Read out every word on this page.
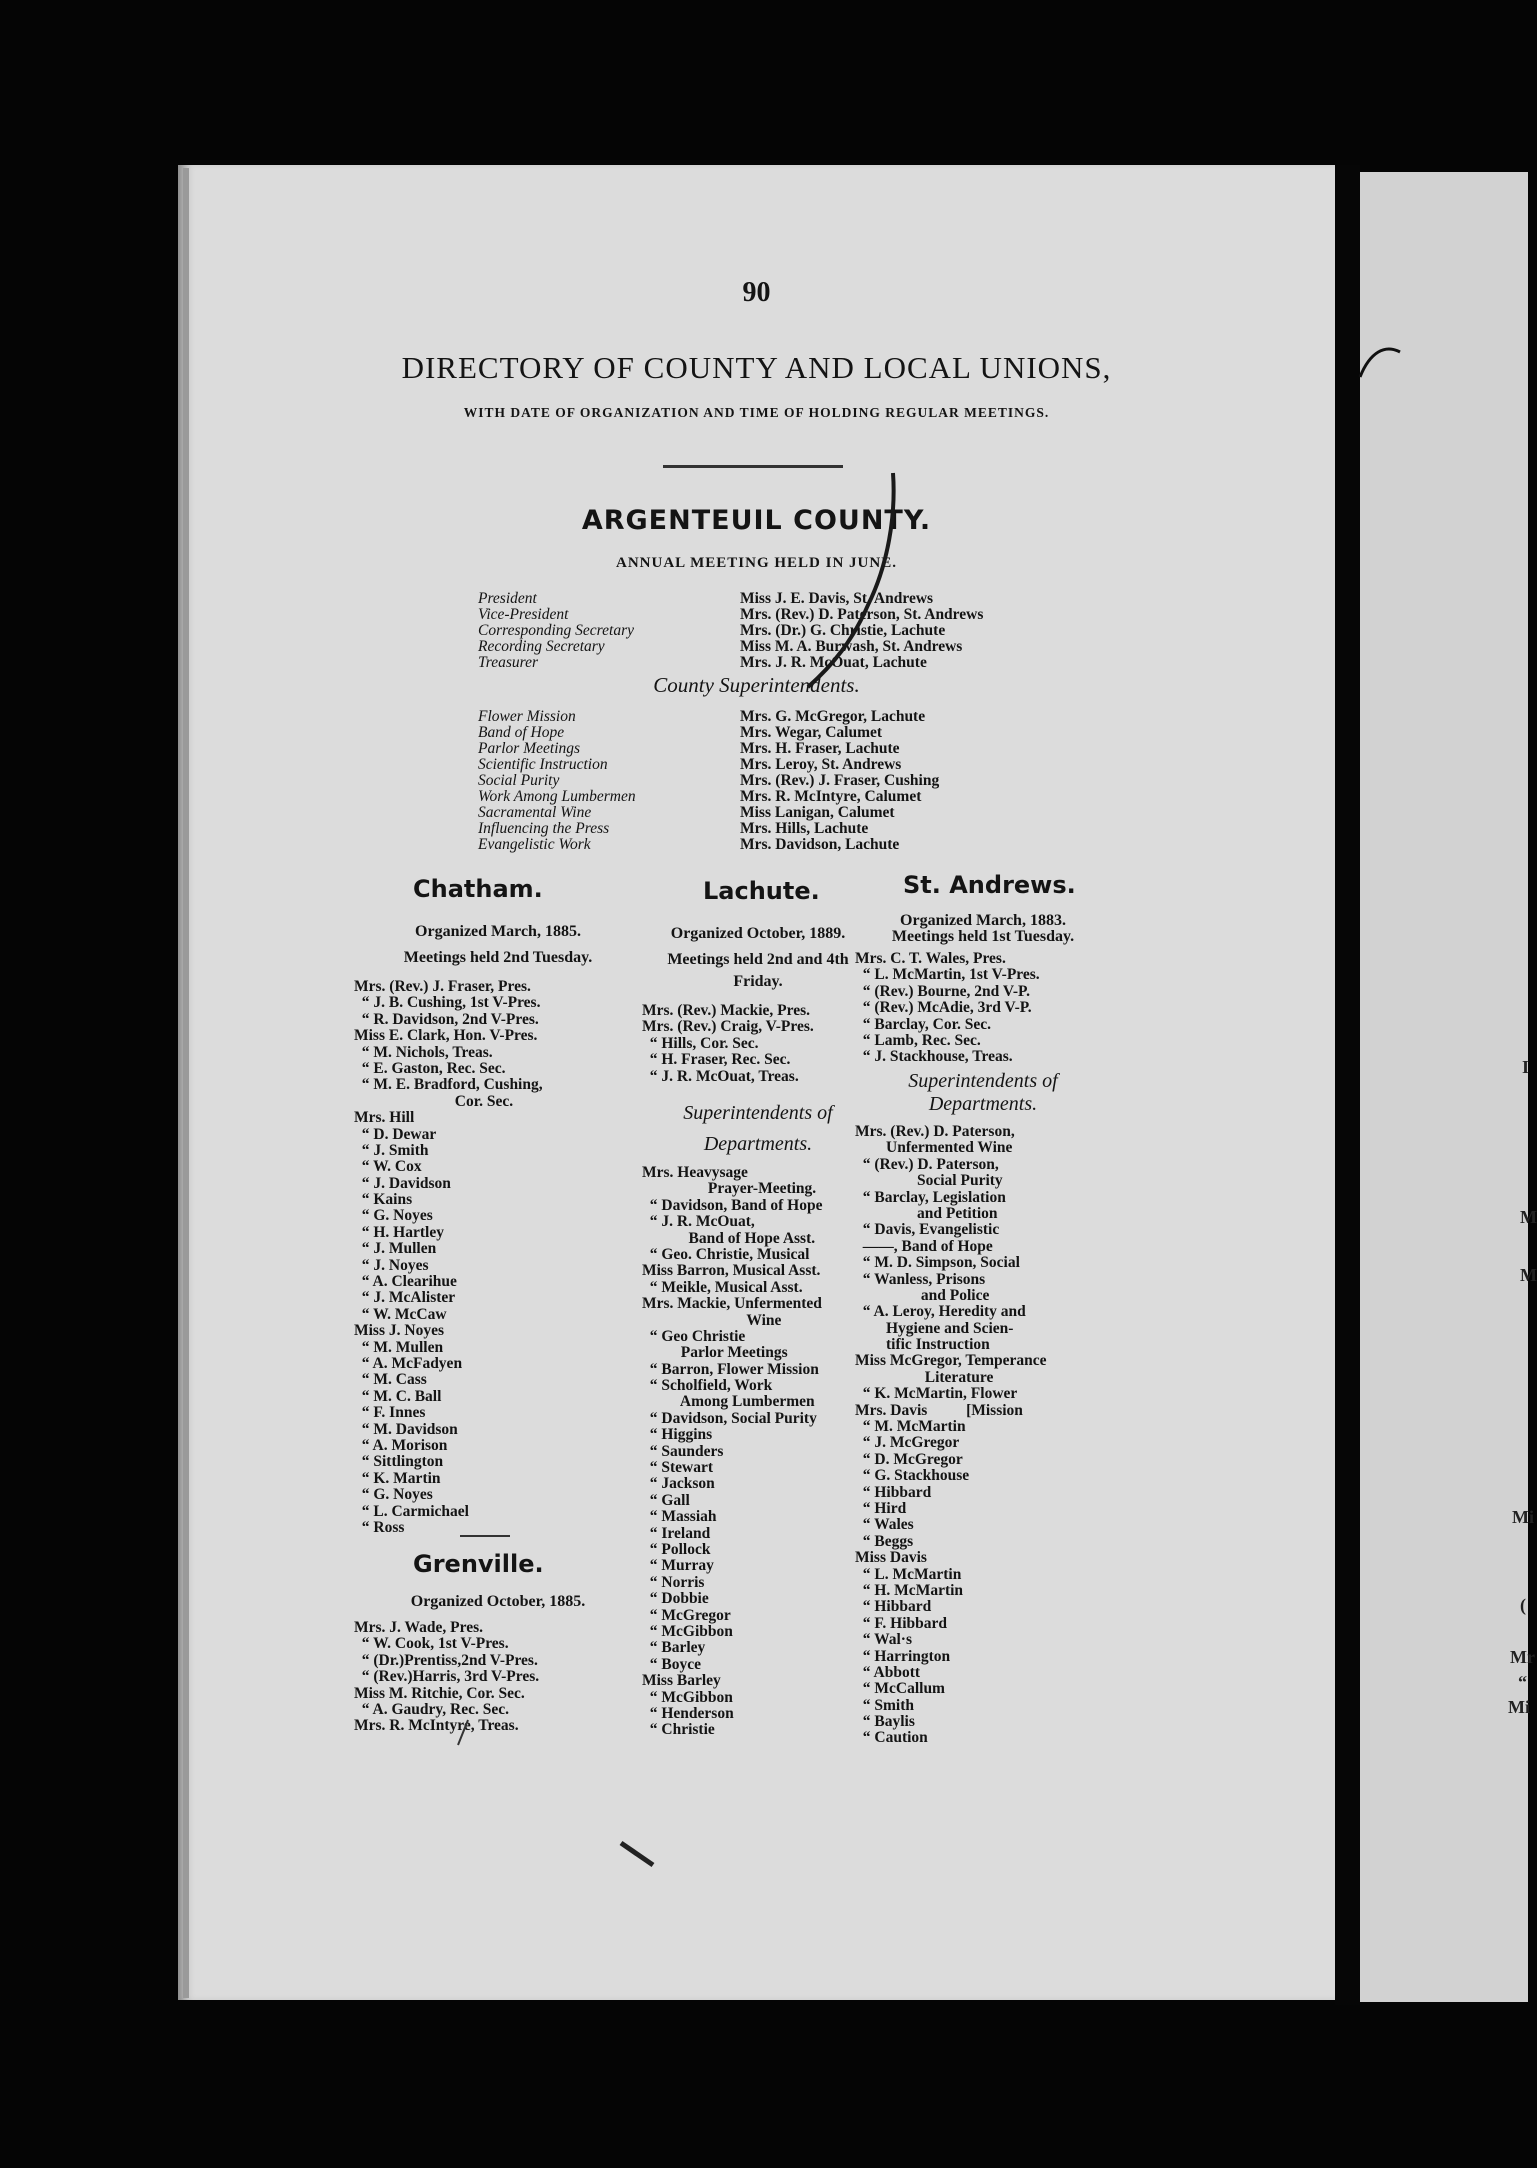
90
DIRECTORY OF COUNTY AND LOCAL UNIONS,
WITH DATE OF ORGANIZATION AND TIME OF HOLDING REGULAR MEETINGS.
ARGENTEUIL COUNTY.
ANNUAL MEETING HELD IN JUNE.
President	Miss J. E. Davis, St. Andrews
Vice-President	Mrs. (Rev.) D. Paterson, St. Andrews
Corresponding Secretary	Mrs. (Dr.) G. Christie, Lachute
Recording Secretary	Miss M. A. Burwash, St. Andrews
Treasurer	Mrs. J. R. McOuat, Lachute
County Superintendents.
Flower Mission	Mrs. G. McGregor, Lachute
Band of Hope	Mrs. Wegar, Calumet
Parlor Meetings	Mrs. H. Fraser, Lachute
Scientific Instruction	Mrs. Leroy, St. Andrews
Social Purity	Mrs. (Rev.) J. Fraser, Cushing
Work Among Lumbermen	Mrs. R. McIntyre, Calumet
Sacramental Wine	Miss Lanigan, Calumet
Influencing the Press	Mrs. Hills, Lachute
Evangelistic Work	Mrs. Davidson, Lachute
Chatham.
Organized March, 1885.
Meetings held 2nd Tuesday.
Mrs. (Rev.) J. Fraser, Pres.
“ J. B. Cushing, 1st V-Pres.
“ R. Davidson, 2nd V-Pres.
Miss E. Clark, Hon. V-Pres.
“ M. Nichols, Treas.
“ E. Gaston, Rec. Sec.
“ M. E. Bradford, Cushing,
Cor. Sec.
Mrs. Hill
“ D. Dewar
“ J. Smith
“ W. Cox
“ J. Davidson
“ Kains
“ G. Noyes
“ H. Hartley
“ J. Mullen
“ J. Noyes
“ A. Clearihue
“ J. McAlister
“ W. McCaw
Miss J. Noyes
“ M. Mullen
“ A. McFadyen
“ M. Cass
“ M. C. Ball
“ F. Innes
“ M. Davidson
“ A. Morison
“ Sittlington
“ K. Martin
“ G. Noyes
“ L. Carmichael
“ Ross
Grenville.
Organized October, 1885.
Mrs. J. Wade, Pres.
“ W. Cook, 1st V-Pres.
“ (Dr.)Prentiss,2nd V-Pres.
“ (Rev.)Harris, 3rd V-Pres.
Miss M. Ritchie, Cor. Sec.
“ A. Gaudry, Rec. Sec.
Mrs. R. McIntyre, Treas.
Lachute.
Organized October, 1889.
Meetings held 2nd and 4th
Friday.
Mrs. (Rev.) Mackie, Pres.
Mrs. (Rev.) Craig, V-Pres.
“ Hills, Cor. Sec.
“ H. Fraser, Rec. Sec.
“ J. R. McOuat, Treas.
Superintendents of
Departments.
Mrs. Heavysage
Prayer-Meeting.
“ Davidson, Band of Hope
“ J. R. McOuat,
Band of Hope Asst.
“ Geo. Christie, Musical
Miss Barron, Musical Asst.
“ Meikle, Musical Asst.
Mrs. Mackie, Unfermented
Wine
“ Geo Christie
Parlor Meetings
“ Barron, Flower Mission
“ Scholfield, Work
Among Lumbermen
“ Davidson, Social Purity
“ Higgins
“ Saunders
“ Stewart
“ Jackson
“ Gall
“ Massiah
“ Ireland
“ Pollock
“ Murray
“ Norris
“ Dobbie
“ McGregor
“ McGibbon
“ Barley
“ Boyce
Miss Barley
“ McGibbon
“ Henderson
“ Christie
St. Andrews.
Organized March, 1883.
Meetings held 1st Tuesday.
Mrs. C. T. Wales, Pres.
“ L. McMartin, 1st V-Pres.
“ (Rev.) Bourne, 2nd V-P.
“ (Rev.) McAdie, 3rd V-P.
“ Barclay, Cor. Sec.
“ Lamb, Rec. Sec.
“ J. Stackhouse, Treas.
Superintendents of
Departments.
Mrs. (Rev.) D. Paterson,
Unfermented Wine
“ (Rev.) D. Paterson,
Social Purity
“ Barclay, Legislation
and Petition
“ Davis, Evangelistic
——, Band of Hope
“ M. D. Simpson, Social
“ Wanless, Prisons
and Police
“ A. Leroy, Heredity and
Hygiene and Scien-
tific Instruction
Miss McGregor, Temperance
Literature
“ K. McMartin, Flower
Mrs. Davis          [Mission
“ M. McMartin
“ J. McGregor
“ D. McGregor
“ G. Stackhouse
“ Hibbard
“ Hird
“ Wales
“ Beggs
Miss Davis
“ L. McMartin
“ H. McMartin
“ Hibbard
“ F. Hibbard
“ Wal·s
“ Harrington
“ Abbott
“ McCallum
“ Smith
“ Baylis
“ Caution
I
M
M
Mi
(
Mr
“
Mi
